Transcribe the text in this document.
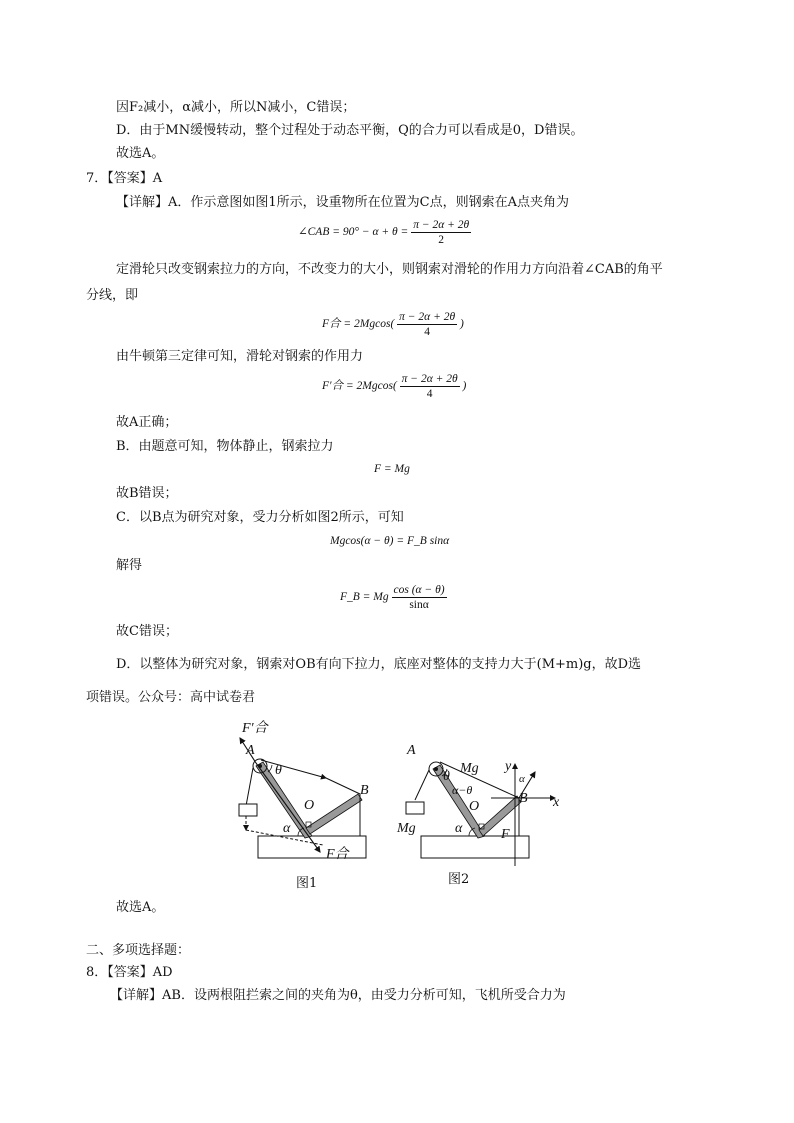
因F₂减小，α减小，所以N减小，C错误；
D．由于MN缓慢转动，整个过程处于动态平衡，Q的合力可以看成是0，D错误。
故选A。
7．【答案】A
【详解】A．作示意图如图1所示，设重物所在位置为C点，则钢索在A点夹角为
∠CAB = $90^\circ - \alpha + \theta = \frac{\pi - 2\alpha + 2\theta}{2}$
定滑轮只改变钢索拉力的方向，不改变力的大小，则钢索对滑轮的作用力方向沿着∠CAB的角平
分线，即
F合 = $2Mgcos( \frac{\pi - 2\alpha + 2\theta}{4}$ )
由牛顿第三定律可知，滑轮对钢索的作用力
F′合 = $2Mgcos( \frac{\pi - 2\alpha + 2\theta}{4}$ )
故A正确；
B．由题意可知，物体静止，钢索拉力
F = Mg
故B错误；
C．以B点为研究对象，受力分析如图2所示，可知
Mgcos(α − θ) = F_B sinα
解得
F_B = Mg $\frac{\cos (\alpha - \theta)}{\sin\alpha}$
故C错误；
D．以整体为研究对象，钢索对OB有向下拉力，底座对整体的支持力大于(M+m)g，故D选
项错误。公众号：高中试卷君
F′合
A
θ
O
B
α
F合
图1
A
Mg
θ
y
α
α−θ
O
B x
Mg	α	F
图2
故选A。
二、多项选择题：
8．【答案】AD
【详解】AB．设两根阻拦索之间的夹角为θ，由受力分析可知，飞机所受合力为
